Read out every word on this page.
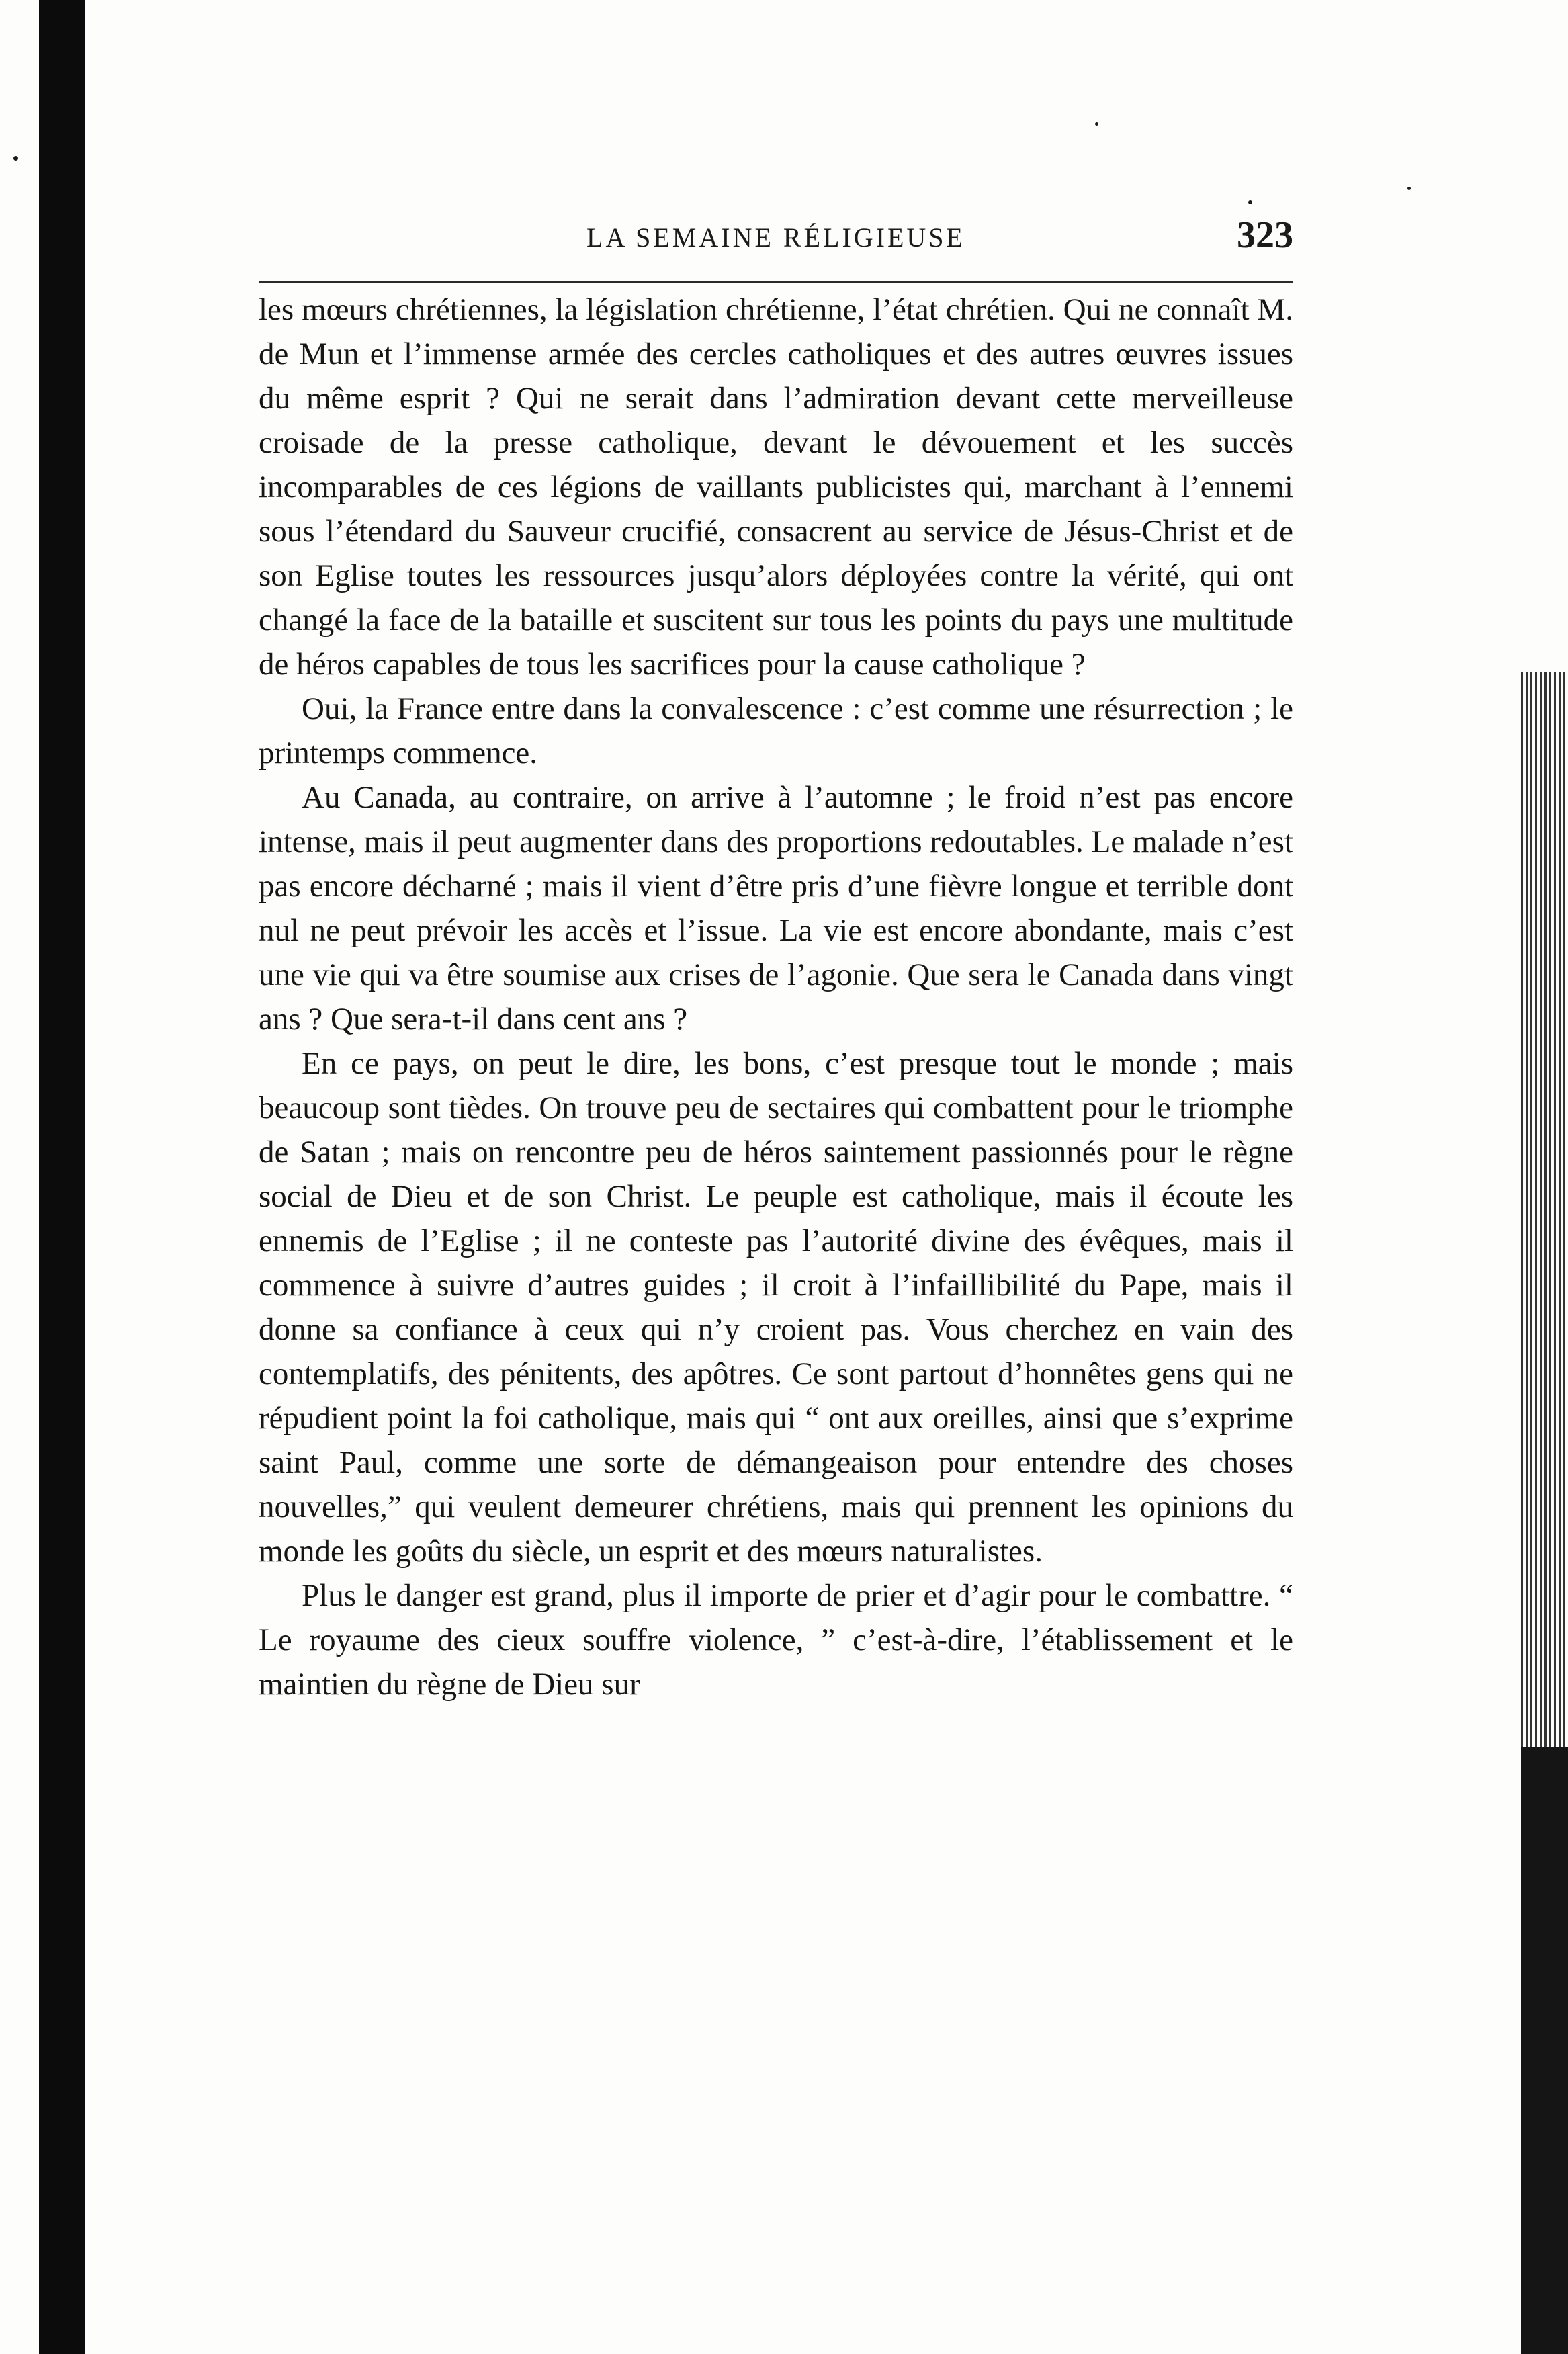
LA SEMAINE RÉLIGIEUSE	323

les mœurs chrétiennes, la législation chrétienne, l’état chrétien. Qui ne connaît M. de Mun et l’immense armée des cercles catholiques et des autres œuvres issues du même esprit ? Qui ne serait dans l’admiration devant cette merveilleuse croisade de la presse catholique, devant le dévouement et les succès incomparables de ces légions de vaillants publicistes qui, marchant à l’ennemi sous l’étendard du Sauveur crucifié, consacrent au service de Jésus-Christ et de son Eglise toutes les ressources jusqu’alors déployées contre la vérité, qui ont changé la face de la bataille et suscitent sur tous les points du pays une multitude de héros capables de tous les sacrifices pour la cause catholique ?

Oui, la France entre dans la convalescence : c’est comme une résurrection ; le printemps commence.

Au Canada, au contraire, on arrive à l’automne ; le froid n’est pas encore intense, mais il peut augmenter dans des proportions redoutables. Le malade n’est pas encore décharné ; mais il vient d’être pris d’une fièvre longue et terrible dont nul ne peut prévoir les accès et l’issue. La vie est encore abondante, mais c’est une vie qui va être soumise aux crises de l’agonie. Que sera le Canada dans vingt ans ? Que sera-t-il dans cent ans ?

En ce pays, on peut le dire, les bons, c’est presque tout le monde ; mais beaucoup sont tièdes. On trouve peu de sectaires qui combattent pour le triomphe de Satan ; mais on rencontre peu de héros saintement passionnés pour le règne social de Dieu et de son Christ. Le peuple est catholique, mais il écoute les ennemis de l’Eglise ; il ne conteste pas l’autorité divine des évêques, mais il commence à suivre d’autres guides ; il croit à l’infaillibilité du Pape, mais il donne sa confiance à ceux qui n’y croient pas. Vous cherchez en vain des contemplatifs, des pénitents, des apôtres. Ce sont partout d’honnêtes gens qui ne répudient point la foi catholique, mais qui “ ont aux oreilles, ainsi que s’exprime saint Paul, comme une sorte de démangeaison pour entendre des choses nouvelles,” qui veulent demeurer chrétiens, mais qui prennent les opinions du monde les goûts du siècle, un esprit et des mœurs naturalistes.

Plus le danger est grand, plus il importe de prier et d’agir pour le combattre. “ Le royaume des cieux souffre violence, ” c’est-à-dire, l’établissement et le maintien du règne de Dieu sur
